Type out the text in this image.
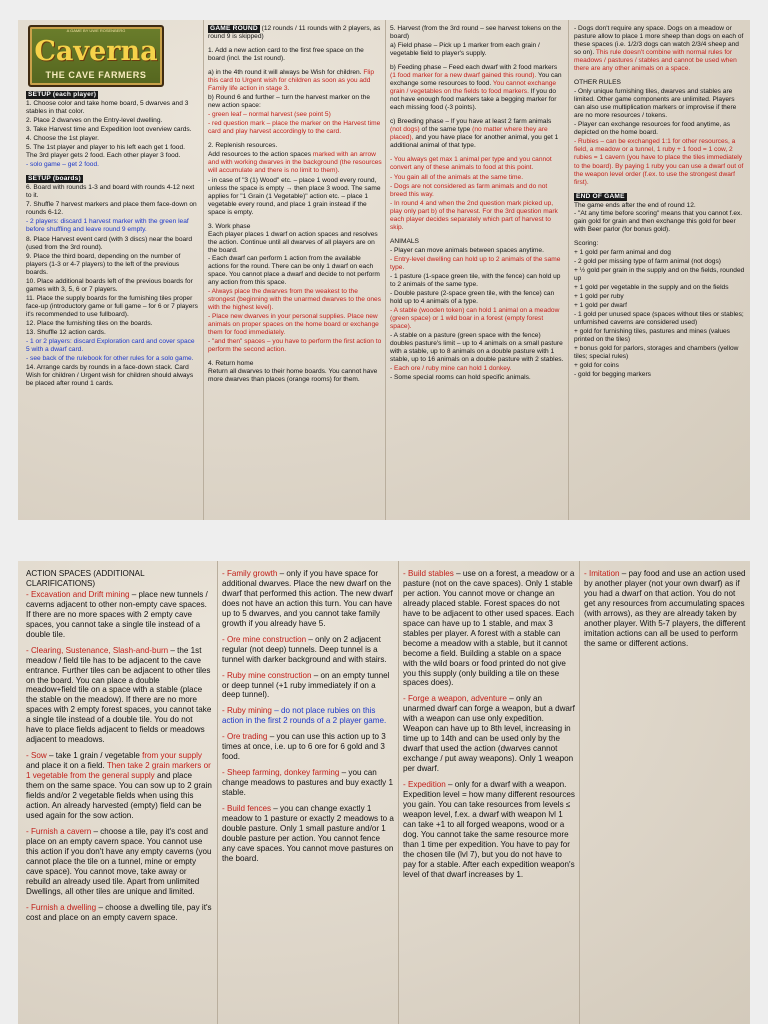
A GAME BY UWE ROSENBERG
Caverna
THE CAVE FARMERS
SETUP (each player)
1. Choose color and take home board, 5 dwarves and 3 stables in that color.
2. Place 2 dwarves on the Entry-level dwelling.
3. Take Harvest time and Expedition loot overview cards.
4. Choose the 1st player.
5. The 1st player and player to his left each get 1 food. The 3rd player gets 2 food. Each other player 3 food.
- solo game – get 2 food.
SETUP (boards)
6. Board with rounds 1-3 and board with rounds 4-12 next to it.
7. Shuffle 7 harvest markers and place them face-down on rounds 6-12.
- 2 players: discard 1 harvest marker with the green leaf before shuffling and leave round 9 empty.
8. Place Harvest event card (with 3 discs) near the board (used from the 3rd round).
9. Place the third board, depending on the number of players (1-3 or 4-7 players) to the left of the previous boards.
10. Place additional boards left of the previous boards for games with 3, 5, 6 or 7 players.
11. Place the supply boards for the furnishing tiles proper face-up (introductory game or full game – for 6 or 7 players it's recommended to use fullboard).
12. Place the furnishing tiles on the boards.
13. Shuffle 12 action cards.
- 1 or 2 players: discard Exploration card and cover space 5 with a dwarf card.
- see back of the rulebook for other rules for a solo game.
14. Arrange cards by rounds in a face-down stack. Card Wish for children / Urgent wish for children should always be placed after round 1 cards.
GAME ROUND (12 rounds / 11 rounds with 2 players, as round 9 is skipped)
1. Add a new action card to the first free space on the board (incl. the 1st round).
a) in the 4th round it will always be Wish for children. Flip this card to Urgent wish for children as soon as you add Family life action in stage 3.
b) Round 6 and further – turn the harvest marker on the new action space:
- green leaf – normal harvest (see point 5)
- red question mark – place the marker on the Harvest time card and play harvest accordingly to the card.
2. Replenish resources.
Add resources to the action spaces marked with an arrow and with working dwarves in the background (the resources will accumulate and there is no limit to them).
- in case of "3 (1) Wood" etc. – place 1 wood every round, unless the space is empty → then place 3 wood. The same applies for "1 Grain (1 Vegetable)" action etc. – place 1 vegetable every round, and place 1 grain instead if the space is empty.
3. Work phase
Each player places 1 dwarf on action spaces and resolves the action. Continue until all dwarves of all players are on the board.
- Each dwarf can perform 1 action from the available actions for the round. There can be only 1 dwarf on each space. You cannot place a dwarf and decide to not perform any action from this space.
- Always place the dwarves from the weakest to the strongest (beginning with the unarmed dwarves to the ones with the highest level).
- Place new dwarves in your personal supplies. Place new animals on proper spaces on the home board or exchange them for food immediately.
- "and then" spaces – you have to perform the first action to perform the second action.
4. Return home
Return all dwarves to their home boards. You cannot have more dwarves than places (orange rooms) for them.
5. Harvest (from the 3rd round – see harvest tokens on the board)
a) Field phase – Pick up 1 marker from each grain / vegetable field to player's supply.
b) Feeding phase – Feed each dwarf with 2 food markers (1 food marker for a new dwarf gained this round). You can exchange some resources to food. You cannot exchange grain / vegetables on the fields to food markers. If you do not have enough food markers take a begging marker for each missing food (-3 points).
c) Breeding phase – If you have at least 2 farm animals (not dogs) of the same type (no matter where they are placed), and you have place for another animal, you get 1 additional animal of that type.
- You always get max 1 animal per type and you cannot convert any of these animals to food at this point.
- You gain all of the animals at the same time.
- Dogs are not considered as farm animals and do not breed this way.
- In round 4 and when the 2nd question mark picked up, play only part b) of the harvest. For the 3rd question mark each player decides separately which part of harvest to skip.
ANIMALS
- Player can move animals between spaces anytime.
- Entry-level dwelling can hold up to 2 animals of the same type.
- 1 pasture (1-space green tile, with the fence) can hold up to 2 animals of the same type.
- Double pasture (2-space green tile, with the fence) can hold up to 4 animals of a type.
- A stable (wooden token) can hold 1 animal on a meadow (green space) or 1 wild boar in a forest (empty forest space).
- A stable on a pasture (green space with the fence) doubles pasture's limit – up to 4 animals on a small pasture with a stable, up to 8 animals on a double pasture with 1 stable, up to 16 animals on a double pasture with 2 stables.
- Each ore / ruby mine can hold 1 donkey.
- Some special rooms can hold specific animals.
- Dogs don't require any space. Dogs on a meadow or pasture allow to place 1 more sheep than dogs on each of these spaces (i.e. 1/2/3 dogs can watch 2/3/4 sheep and so on). This rule doesn't combine with normal rules for meadows / pastures / stables and cannot be used when there are any other animals on a space.
OTHER RULES
- Only unique furnishing tiles, dwarves and stables are limited. Other game components are unlimited. Players can also use multiplication markers or improvise if there are no more resources / tokens.
- Player can exchange resources for food anytime, as depicted on the home board.
- Rubies – can be exchanged 1:1 for other resources, a field, a meadow or a tunnel, 1 ruby + 1 food = 1 cow, 2 rubies = 1 cavern (you have to place the tiles immediately to the board). By paying 1 ruby you can use a dwarf out of the weapon level order (f.ex. to use the strongest dwarf first).
END OF GAME
The game ends after the end of round 12.
- "At any time before scoring" means that you cannot f.ex. gain gold for grain and then exchange this gold for beer with Beer parlor (for bonus gold).
Scoring:
+ 1 gold per farm animal and dog
- 2 gold per missing type of farm animal (not dogs)
+ ½ gold per grain in the supply and on the fields, rounded up
+ 1 gold per vegetable in the supply and on the fields
+ 1 gold per ruby
+ 1 gold per dwarf
- 1 gold per unused space (spaces without tiles or stables; unfurnished caverns are considered used)
+ gold for furnishing tiles, pastures and mines (values printed on the tiles)
+ bonus gold for parlors, storages and chambers (yellow tiles; special rules)
+ gold for coins
- gold for begging markers
ACTION SPACES (ADDITIONAL CLARIFICATIONS)
- Excavation and Drift mining – place new tunnels / caverns adjacent to other non-empty cave spaces. If there are no more spaces with 2 empty cave spaces, you cannot take a single tile instead of a double tile.
- Clearing, Sustenance, Slash-and-burn – the 1st meadow / field tile has to be adjacent to the cave entrance. Further tiles can be adjacent to other tiles on the board. You can place a double meadow+field tile on a space with a stable (place the stable on the meadow). If there are no more spaces with 2 empty forest spaces, you cannot take a single tile instead of a double tile. You do not have to place fields adjacent to fields or meadows adjacent to meadows.
- Sow – take 1 grain / vegetable from your supply and place it on a field. Then take 2 grain markers or 1 vegetable from the general supply and place them on the same space. You can sow up to 2 grain fields and/or 2 vegetable fields when using this action. An already harvested (empty) field can be used again for the sow action.
- Furnish a cavern – choose a tile, pay it's cost and place on an empty cavern space. You cannot use this action if you don't have any empty caverns (you cannot place the tile on a tunnel, mine or empty cave space). You cannot move, take away or rebuild an already used tile. Apart from unlimited Dwellings, all other tiles are unique and limited.
- Furnish a dwelling – choose a dwelling tile, pay it's cost and place on an empty cavern space.
- Family growth – only if you have space for additional dwarves. Place the new dwarf on the dwarf that performed this action. The new dwarf does not have an action this turn. You can have up to 5 dwarves, and you cannot take family growth if you already have 5.
- Ore mine construction – only on 2 adjacent regular (not deep) tunnels. Deep tunnel is a tunnel with darker background and with stairs.
- Ruby mine construction – on an empty tunnel or deep tunnel (+1 ruby immediately if on a deep tunnel).
- Ruby mining – do not place rubies on this action in the first 2 rounds of a 2 player game.
- Ore trading – you can use this action up to 3 times at once, i.e. up to 6 ore for 6 gold and 3 food.
- Sheep farming, donkey farming – you can change meadows to pastures and buy exactly 1 stable.
- Build fences – you can change exactly 1 meadow to 1 pasture or exactly 2 meadows to a double pasture. Only 1 small pasture and/or 1 double pasture per action. You cannot fence any cave spaces. You cannot move pastures on the board.
- Build stables – use on a forest, a meadow or a pasture (not on the cave spaces). Only 1 stable per action. You cannot move or change an already placed stable. Forest spaces do not have to be adjacent to other used spaces. Each space can have up to 1 stable, and max 3 stables per player. A forest with a stable can become a meadow with a stable, but it cannot become a field. Building a stable on a space with the wild boars or food printed do not give you this supply (only building a tile on these spaces does).
- Forge a weapon, adventure – only an unarmed dwarf can forge a weapon, but a dwarf with a weapon can use only expedition. Weapon can have up to 8th level, increasing in time up to 14th and can be used only by the dwarf that used the action (dwarves cannot exchange / put away weapons). Only 1 weapon per dwarf.
- Expedition – only for a dwarf with a weapon. Expedition level = how many different resources you gain. You can take resources from levels ≤ weapon level, f.ex. a dwarf with weapon lvl 1 can take +1 to all forged weapons, wood or a dog. You cannot take the same resource more than 1 time per expedition. You have to pay for the chosen tile (lvl 7), but you do not have to pay for a stable. After each expedition weapon's level of that dwarf increases by 1.
- Imitation – pay food and use an action used by another player (not your own dwarf) as if you had a dwarf on that action. You do not get any resources from accumulating spaces (with arrows), as they are already taken by another player. With 5-7 players, the different imitation actions can all be used to perform the same or different actions.
